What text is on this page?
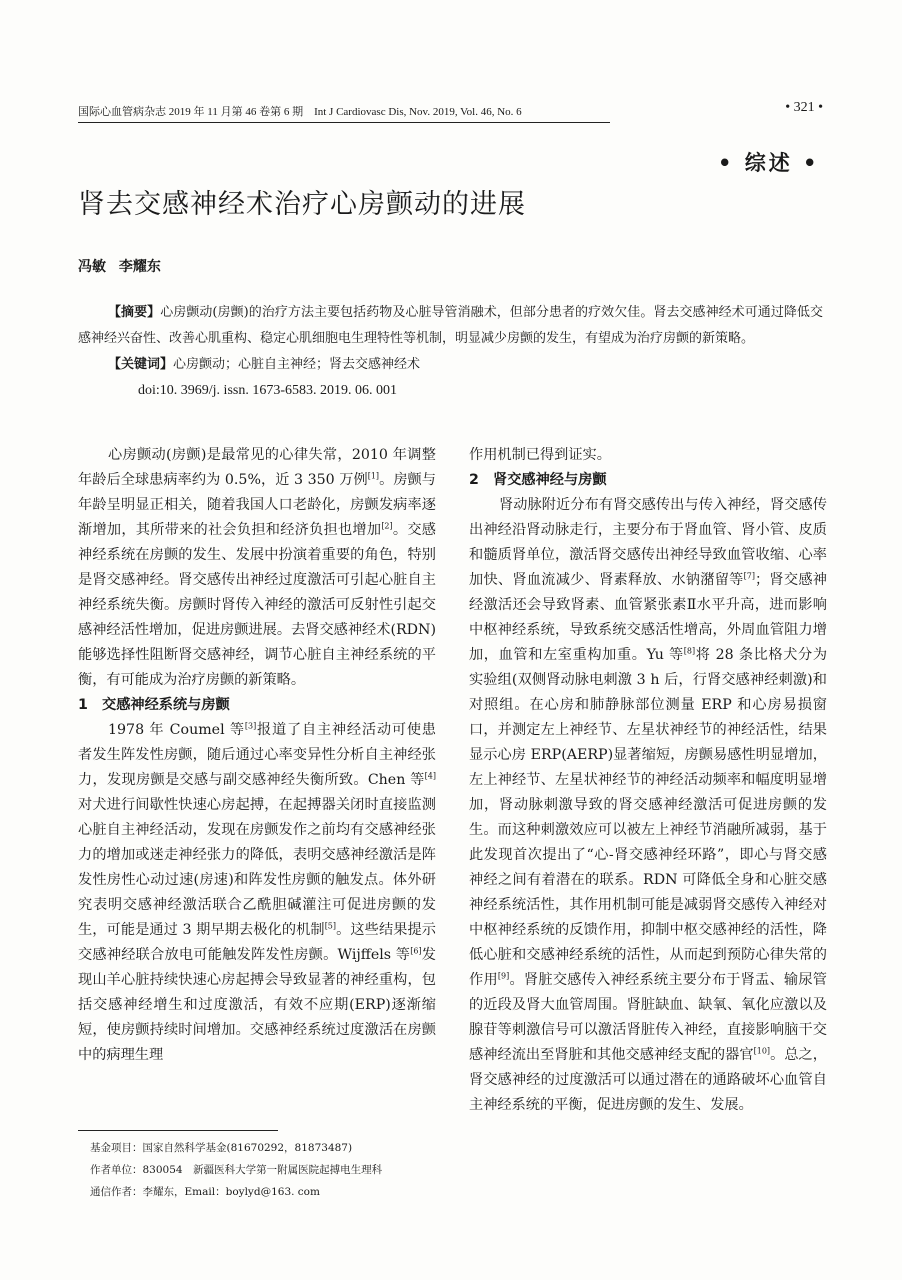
国际心血管病杂志 2019 年 11 月第 46 卷第 6 期　Int J Cardiovasc Dis, Nov. 2019, Vol. 46, No. 6	• 321 •
• 综述 •
肾去交感神经术治疗心房颤动的进展
冯敏 李耀东

【摘要】心房颤动(房颤)的治疗方法主要包括药物及心脏导管消融术，但部分患者的疗效欠佳。肾去交感神经术可通过降低交感神经兴奋性、改善心肌重构、稳定心肌细胞电生理特性等机制，明显减少房颤的发生，有望成为治疗房颤的新策略。

【关键词】心房颤动；心脏自主神经；肾去交感神经术

doi:10. 3969/j. issn. 1673-6583. 2019. 06. 001

心房颤动(房颤)是最常见的心律失常，2010 年调整年龄后全球患病率约为 0.5%，近 3 350 万例[1]。房颤与年龄呈明显正相关，随着我国人口老龄化，房颤发病率逐渐增加，其所带来的社会负担和经济负担也增加[2]。交感神经系统在房颤的发生、发展中扮演着重要的角色，特别是肾交感神经。肾交感传出神经过度激活可引起心脏自主神经系统失衡。房颤时肾传入神经的激活可反射性引起交感神经活性增加，促进房颤进展。去肾交感神经术(RDN)能够选择性阻断肾交感神经，调节心脏自主神经系统的平衡，有可能成为治疗房颤的新策略。

1 交感神经系统与房颤

1978 年 Coumel 等[3]报道了自主神经活动可使患者发生阵发性房颤，随后通过心率变异性分析自主神经张力，发现房颤是交感与副交感神经失衡所致。Chen 等[4]对犬进行间歇性快速心房起搏，在起搏器关闭时直接监测心脏自主神经活动，发现在房颤发作之前均有交感神经张力的增加或迷走神经张力的降低，表明交感神经激活是阵发性房性心动过速(房速)和阵发性房颤的触发点。体外研究表明交感神经激活联合乙酰胆碱灌注可促进房颤的发生，可能是通过 3 期早期去极化的机制[5]。这些结果提示交感神经联合放电可能触发阵发性房颤。Wijffels 等[6]发现山羊心脏持续快速心房起搏会导致显著的神经重构，包括交感神经增生和过度激活，有效不应期(ERP)逐渐缩短，使房颤持续时间增加。交感神经系统过度激活在房颤中的病理生理

作用机制已得到证实。

2 肾交感神经与房颤

肾动脉附近分布有肾交感传出与传入神经，肾交感传出神经沿肾动脉走行，主要分布于肾血管、肾小管、皮质和髓质肾单位，激活肾交感传出神经导致血管收缩、心率加快、肾血流减少、肾素释放、水钠潴留等[7]；肾交感神经激活还会导致肾素、血管紧张素Ⅱ水平升高，进而影响中枢神经系统，导致系统交感活性增高，外周血管阻力增加，血管和左室重构加重。Yu 等[8]将 28 条比格犬分为实验组(双侧肾动脉电刺激 3 h 后，行肾交感神经刺激)和对照组。在心房和肺静脉部位测量 ERP 和心房易损窗口，并测定左上神经节、左星状神经节的神经活性，结果显示心房 ERP(AERP)显著缩短，房颤易感性明显增加，左上神经节、左星状神经节的神经活动频率和幅度明显增加，肾动脉刺激导致的肾交感神经激活可促进房颤的发生。而这种刺激效应可以被左上神经节消融所减弱，基于此发现首次提出了“心-肾交感神经环路”，即心与肾交感神经之间有着潜在的联系。RDN 可降低全身和心脏交感神经系统活性，其作用机制可能是减弱肾交感传入神经对中枢神经系统的反馈作用，抑制中枢交感神经的活性，降低心脏和交感神经系统的活性，从而起到预防心律失常的作用[9]。肾脏交感传入神经系统主要分布于肾盂、输尿管的近段及肾大血管周围。肾脏缺血、缺氧、氧化应激以及腺苷等刺激信号可以激活肾脏传入神经，直接影响脑干交感神经流出至肾脏和其他交感神经支配的器官[10]。总之，肾交感神经的过度激活可以通过潜在的通路破坏心血管自主神经系统的平衡，促进房颤的发生、发展。

基金项目：国家自然科学基金(81670292，81873487)
作者单位：830054　新疆医科大学第一附属医院起搏电生理科
通信作者：李耀东，Email：boylyd@163. com
